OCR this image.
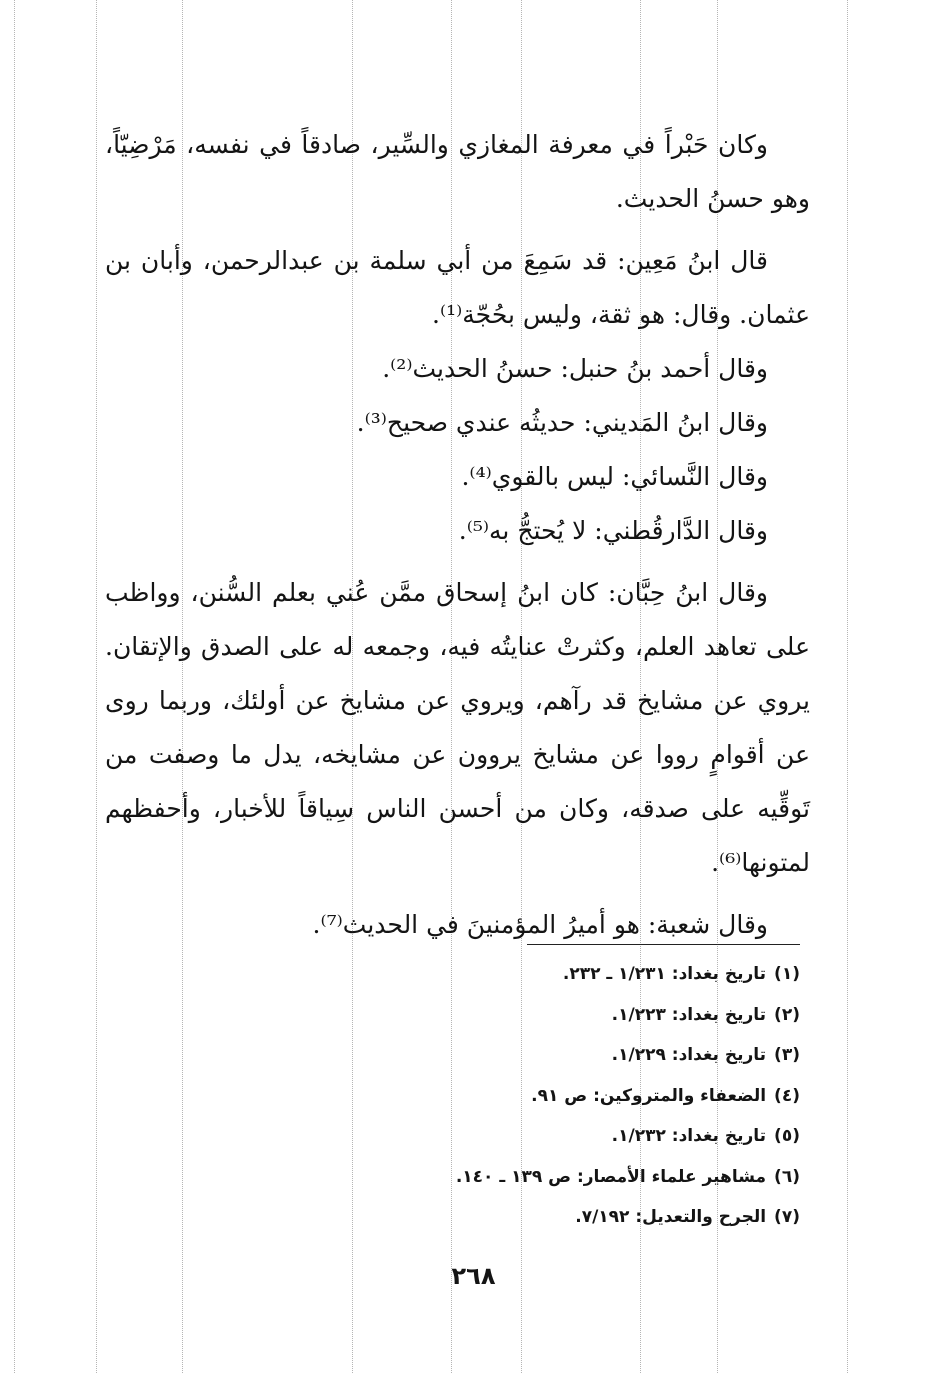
وكان حَبْراً في معرفة المغازي والسِّير، صادقاً في نفسه، مَرْضِيّاً، وهو حسنُ الحديث.

قال ابنُ مَعِين: قد سَمِعَ من أبي سلمة بن عبدالرحمن، وأبان بن عثمان. وقال: هو ثقة، وليس بحُجّة⁽¹⁾.

وقال أحمد بنُ حنبل: حسنُ الحديث⁽²⁾.

وقال ابنُ المَديني: حديثُه عندي صحيح⁽³⁾.

وقال النَّسائي: ليس بالقوي⁽⁴⁾.

وقال الدَّارقُطني: لا يُحتجُّ به⁽⁵⁾.

وقال ابنُ حِبَّان: كان ابنُ إسحاق ممَّن عُني بعلم السُّنن، وواظب على تعاهد العلم، وكثرتْ عنايتُه فيه، وجمعه له على الصدق والإتقان. يروي عن مشايخ قد رآهم، ويروي عن مشايخ عن أولئك، وربما روى عن أقوامٍ رووا عن مشايخ يروون عن مشايخه، يدل ما وصفت من تَوقِّيه على صدقه، وكان من أحسن الناس سِياقاً للأخبار، وأحفظهم لمتونها⁽⁶⁾.

وقال شعبة: هو أميرُ المؤمنينَ في الحديث⁽⁷⁾.

(١)تاريخ بغداد: ١/٢٣١ ـ ٢٣٢.
(٢)تاريخ بغداد: ١/٢٢٣.
(٣)تاريخ بغداد: ١/٢٢٩.
(٤)الضعفاء والمتروكين: ص ٩١.
(٥)تاريخ بغداد: ١/٢٣٢.
(٦)مشاهير علماء الأمصار: ص ١٣٩ ـ ١٤٠.
(٧)الجرح والتعديل: ٧/١٩٢.
٢٦٨
